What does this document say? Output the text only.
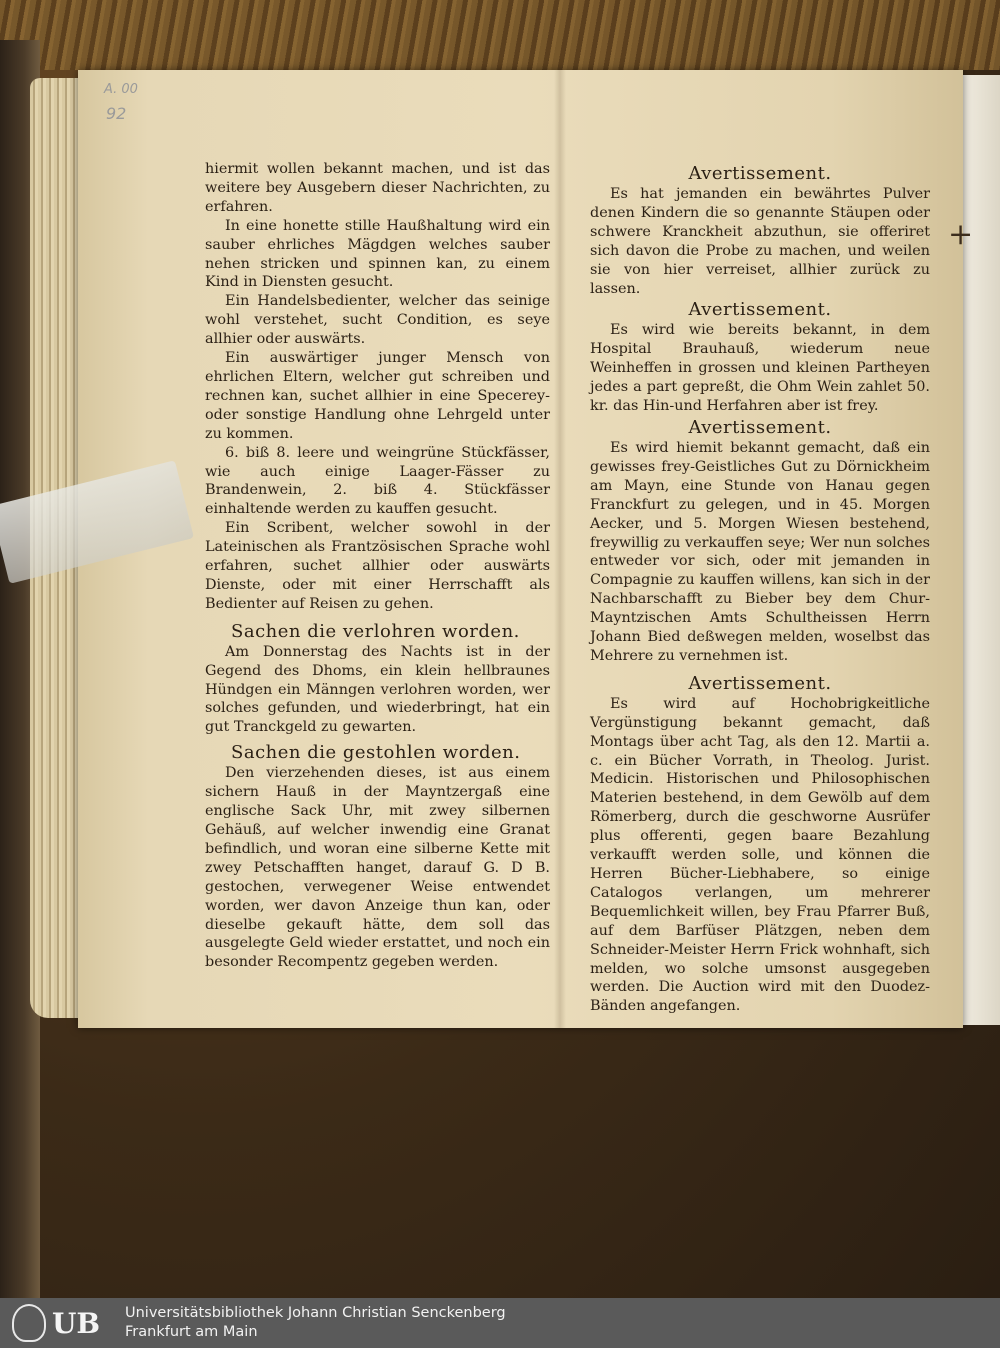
A. 00
92

hiermit wollen bekannt machen, und ist das weitere bey Ausgebern dieser Nachrichten, zu erfahren.

In eine honette stille Haußhaltung wird ein sauber ehrliches Mägdgen welches sauber nehen stricken und spinnen kan, zu einem Kind in Diensten gesucht.

Ein Handelsbedienter, welcher das seinige wohl verstehet, sucht Condition, es seye allhier oder auswärts.

Ein auswärtiger junger Mensch von ehrlichen Eltern, welcher gut schreiben und rechnen kan, suchet allhier in eine Specerey-oder sonstige Handlung ohne Lehrgeld unter zu kommen.

6. biß 8. leere und weingrüne Stückfässer, wie auch einige Laager-Fässer zu Brandenwein, 2. biß 4. Stückfässer einhaltende werden zu kauffen gesucht.

Ein Scribent, welcher sowohl in der Lateinischen als Frantzösischen Sprache wohl erfahren, suchet allhier oder auswärts Dienste, oder mit einer Herrschafft als Bedienter auf Reisen zu gehen.

Sachen die verlohren worden.

Am Donnerstag des Nachts ist in der Gegend des Dhoms, ein klein hellbraunes Hündgen ein Männgen verlohren worden, wer solches gefunden, und wiederbringt, hat ein gut Tranckgeld zu gewarten.

Sachen die gestohlen worden.

Den vierzehenden dieses, ist aus einem sichern Hauß in der Mayntzergaß eine englische Sack Uhr, mit zwey silbernen Gehäuß, auf welcher inwendig eine Granat befindlich, und woran eine silberne Kette mit zwey Petschafften hanget, darauf G. D B. gestochen, verwegener Weise entwendet worden, wer davon Anzeige thun kan, oder dieselbe gekauft hätte, dem soll das ausgelegte Geld wieder erstattet, und noch ein besonder Recompentz gegeben werden.

Avertissement.

Es hat jemanden ein bewährtes Pulver denen Kindern die so genannte Stäupen oder schwere Kranckheit abzuthun, sie offeriret sich davon die Probe zu machen, und weilen sie von hier verreiset, allhier zurück zu lassen.

Avertissement.

Es wird wie bereits bekannt, in dem Hospital Brauhauß, wiederum neue Weinheffen in grossen und kleinen Partheyen jedes a part gepreßt, die Ohm Wein zahlet 50. kr. das Hin-und Herfahren aber ist frey.

Avertissement.

Es wird hiemit bekannt gemacht, daß ein gewisses frey-Geistliches Gut zu Dörnickheim am Mayn, eine Stunde von Hanau gegen Franckfurt zu gelegen, und in 45. Morgen Aecker, und 5. Morgen Wiesen bestehend, freywillig zu verkauffen seye; Wer nun solches entweder vor sich, oder mit jemanden in Compagnie zu kauffen willens, kan sich in der Nachbarschafft zu Bieber bey dem Chur-Mayntzischen Amts Schultheissen Herrn Johann Bied deßwegen melden, woselbst das Mehrere zu vernehmen ist.

Avertissement.

Es wird auf Hochobrigkeitliche Vergünstigung bekannt gemacht, daß Montags über acht Tag, als den 12. Martii a. c. ein Bücher Vorrath, in Theolog. Jurist. Medicin. Historischen und Philosophischen Materien bestehend, in dem Gewölb auf dem Römerberg, durch die geschworne Ausrüfer plus offerenti, gegen baare Bezahlung verkaufft werden solle, und können die Herren Bücher-Liebhabere, so einige Catalogos verlangen, um mehrerer Bequemlichkeit willen, bey Frau Pfarrer Buß, auf dem Barfüser Plätzgen, neben dem Schneider-Meister Herrn Frick wohnhaft, sich melden, wo solche umsonst ausgegeben werden. Die Auction wird mit den Duodez-Bänden angefangen.

+
UB Universitätsbibliothek Johann Christian Senckenberg
Frankfurt am Main
